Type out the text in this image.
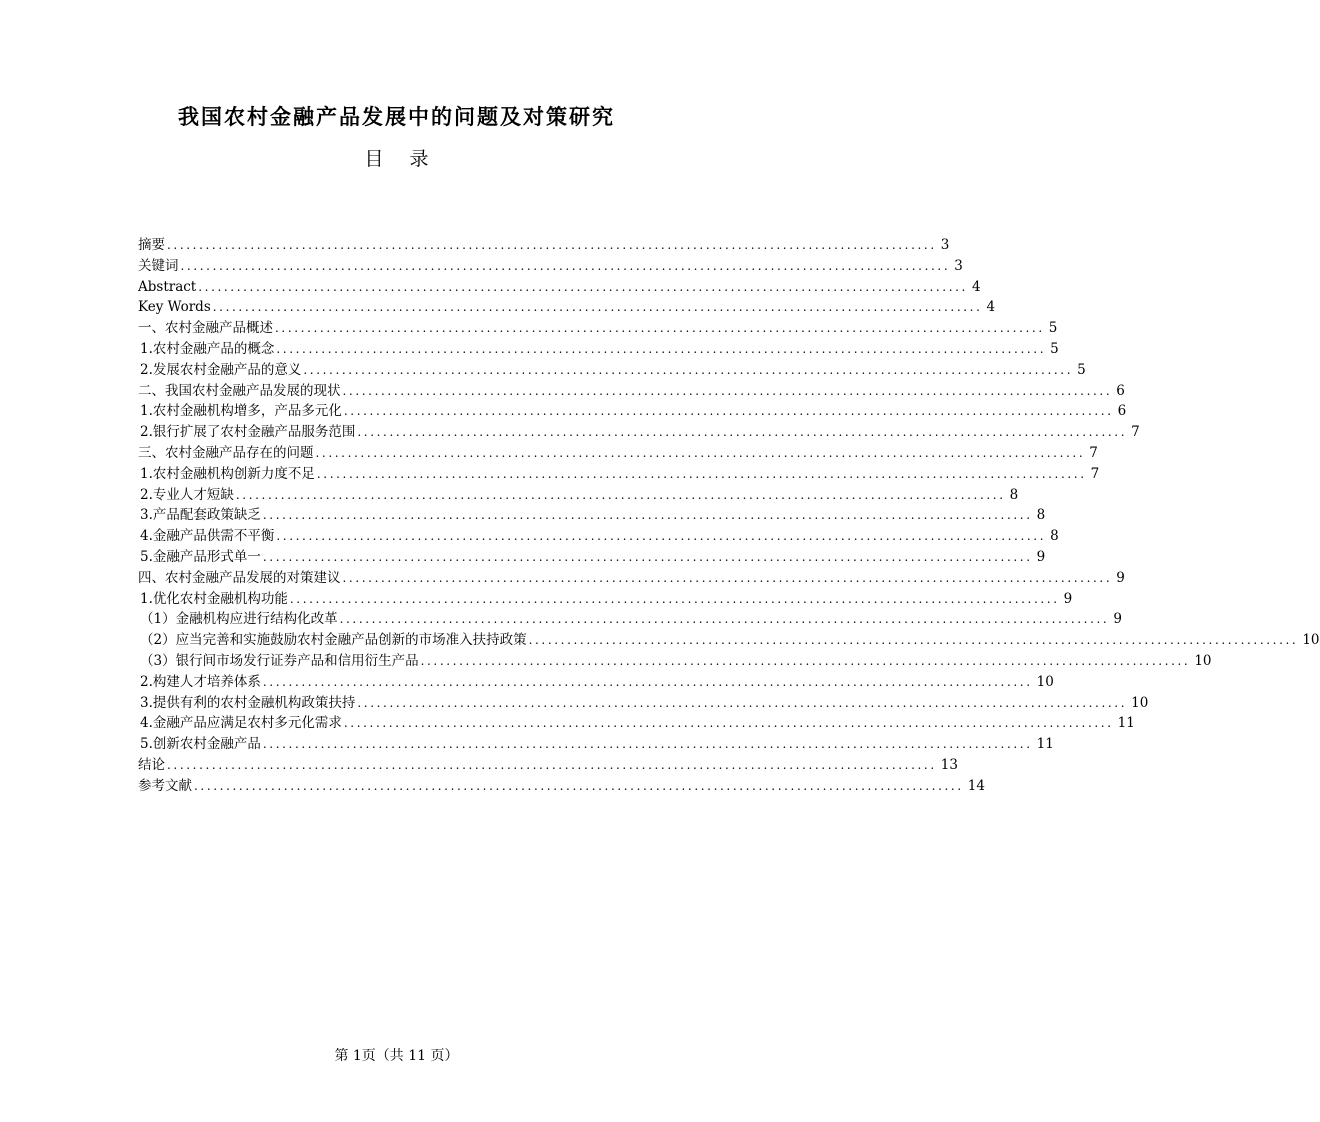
我国农村金融产品发展中的问题及对策研究
目 录
摘要 ........................................................................................................................ 3
关键词 ........................................................................................................................ 3
Abstract ........................................................................................................................ 4
Key Words ........................................................................................................................ 4
一、农村金融产品概述 ........................................................................................................................ 5
1.农村金融产品的概念 ........................................................................................................................ 5
2.发展农村金融产品的意义 ........................................................................................................................ 5
二、我国农村金融产品发展的现状 ........................................................................................................................ 6
1.农村金融机构增多，产品多元化 ........................................................................................................................ 6
2.银行扩展了农村金融产品服务范围 ........................................................................................................................ 7
三、农村金融产品存在的问题 ........................................................................................................................ 7
1.农村金融机构创新力度不足 ........................................................................................................................ 7
2.专业人才短缺 ........................................................................................................................ 8
3.产品配套政策缺乏 ........................................................................................................................ 8
4.金融产品供需不平衡 ........................................................................................................................ 8
5.金融产品形式单一 ........................................................................................................................ 9
四、农村金融产品发展的对策建议 ........................................................................................................................ 9
1.优化农村金融机构功能 ........................................................................................................................ 9
（1）金融机构应进行结构化改革 ........................................................................................................................ 9
（2）应当完善和实施鼓励农村金融产品创新的市场准入扶持政策 ........................................................................................................................ 10
（3）银行间市场发行证券产品和信用衍生产品 ........................................................................................................................ 10
2.构建人才培养体系 ........................................................................................................................ 10
3.提供有利的农村金融机构政策扶持 ........................................................................................................................ 10
4.金融产品应满足农村多元化需求 ........................................................................................................................ 11
5.创新农村金融产品 ........................................................................................................................ 11
结论 ........................................................................................................................ 13
参考文献 ........................................................................................................................ 14
第 1页（共 11 页）
